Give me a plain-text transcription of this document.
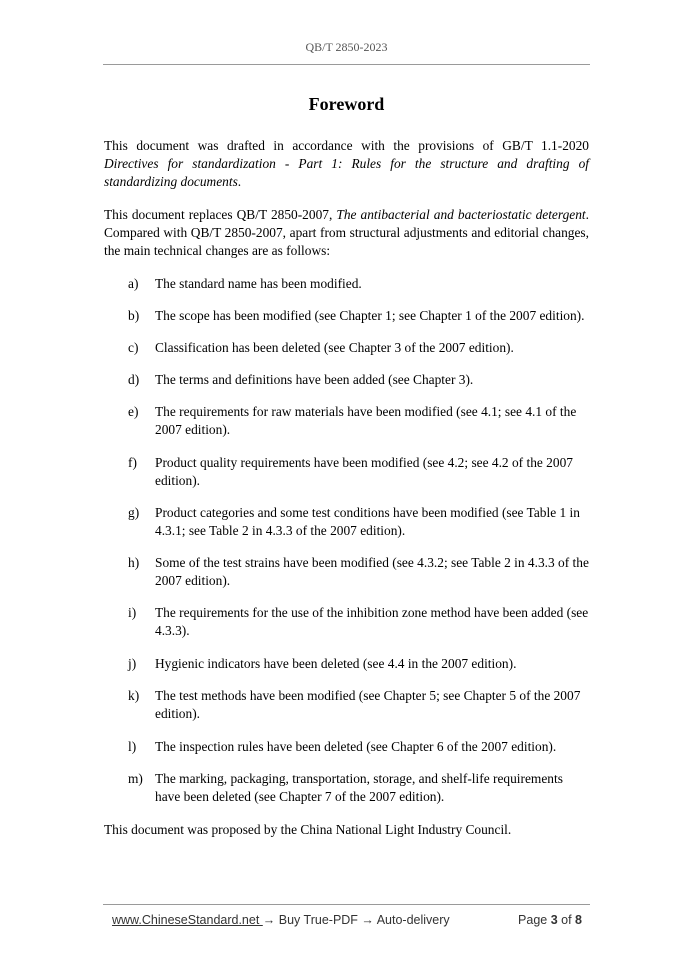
QB/T 2850-2023
Foreword

This document was drafted in accordance with the provisions of GB/T 1.1-2020 Directives for standardization - Part 1: Rules for the structure and drafting of standardizing documents.

This document replaces QB/T 2850-2007, The antibacterial and bacteriostatic detergent. Compared with QB/T 2850-2007, apart from structural adjustments and editorial changes, the main technical changes are as follows:

a) The standard name has been modified.
b) The scope has been modified (see Chapter 1; see Chapter 1 of the 2007 edition).
c) Classification has been deleted (see Chapter 3 of the 2007 edition).
d) The terms and definitions have been added (see Chapter 3).
e) The requirements for raw materials have been modified (see 4.1; see 4.1 of the 2007 edition).
f) Product quality requirements have been modified (see 4.2; see 4.2 of the 2007 edition).
g) Product categories and some test conditions have been modified (see Table 1 in 4.3.1; see Table 2 in 4.3.3 of the 2007 edition).
h) Some of the test strains have been modified (see 4.3.2; see Table 2 in 4.3.3 of the 2007 edition).
i) The requirements for the use of the inhibition zone method have been added (see 4.3.3).
j) Hygienic indicators have been deleted (see 4.4 in the 2007 edition).
k) The test methods have been modified (see Chapter 5; see Chapter 5 of the 2007 edition).
l) The inspection rules have been deleted (see Chapter 6 of the 2007 edition).
m) The marking, packaging, transportation, storage, and shelf-life requirements have been deleted (see Chapter 7 of the 2007 edition).

This document was proposed by the China National Light Industry Council.

www.ChineseStandard.net → Buy True-PDF → Auto-delivery	Page 3 of 8
